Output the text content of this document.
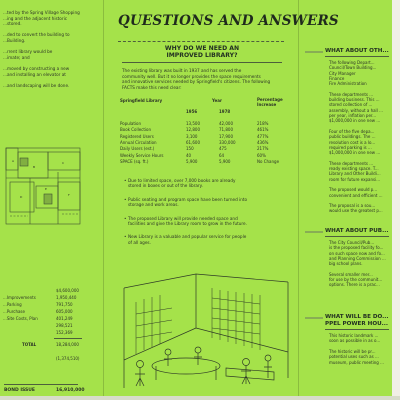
...ted by the Spring Village Shopping
...ing and the adjacent historic
...stored.
...ded to convert the building to
...Building.
...rrent library would be
...imate; and
...moved by constructing a new
...and installing an elevator at
...and landscaping will be done.
A
B
C
D
E
F
$4,600,000
...Improvements	1,950,440
...Parking	791,750
...Purchase	605,000
...Site Costs, Plan	401,249
298,521
152,369
TOTAL	18,284,000
(1,374,510)
BOND ISSUE	16,910,000
QUESTIONS AND ANSWERS
WHY DO WE NEED AN
IMPROVED LIBRARY?
The existing library was built in 1937 and has served the
community well. But it no longer provides the space requirements
and innovative services needed by Springfield's citizens. The following
FACTS make this need clear:
Springfield Library	Year	Percentage Increase
1956	1978
Population	13,500	42,000	218%
Book Collection	12,800	71,800	461%
Registered Users	3,100	17,900	477%
Annual Circulation	61,600	330,000	436%
Daily Users (est.)	150	475	217%
Weekly Service Hours	40	64	60%
SPACE (sq. ft.)	5,900	5,900	No Change
• Due to limited space, over 7,000 books are already
stored in boxes or out of the library.
• Public seating and program space have been turned into
storage and work areas.
• The proposed Library will provide needed space and
facilities and give the Library room to grow in the future.
• New Library is a valuable and popular service for people
of all ages.
WHAT ABOUT OTH...
The following Depart...
Council/Town Building...
City Manager
Finance
Fire Administration
These departments ...
building business. This ...
stored collection of ...
assembly, without a hall ...
per year, inflation per...
$1,000,000 in one new ...
Four of the five depa...
public buildings. The ...
resolution cost is a lo...
required parking is ...
$1,000,000 in one new ...
These departments ...
ready existing space. T...
Library and Other Buildi...
room for future expansi...
The proposed would p...
convenient and efficient ...
The proposal is a sou...
would use the greatest p...
WHAT ABOUT PUB...
The City Council/Pub...
is the proposed facility fo...
on such space now and fo...
and Planning Commission ...
big school plans.
Several smaller mer...
for use by the communit...
options. There is a prac...
WHAT WILL BE DO...
PPEL POWER HOU...
This historic landmark ...
soon as possible in as o...
The historic will be pr...
potential uses such as ...
museum, public meeting ...
